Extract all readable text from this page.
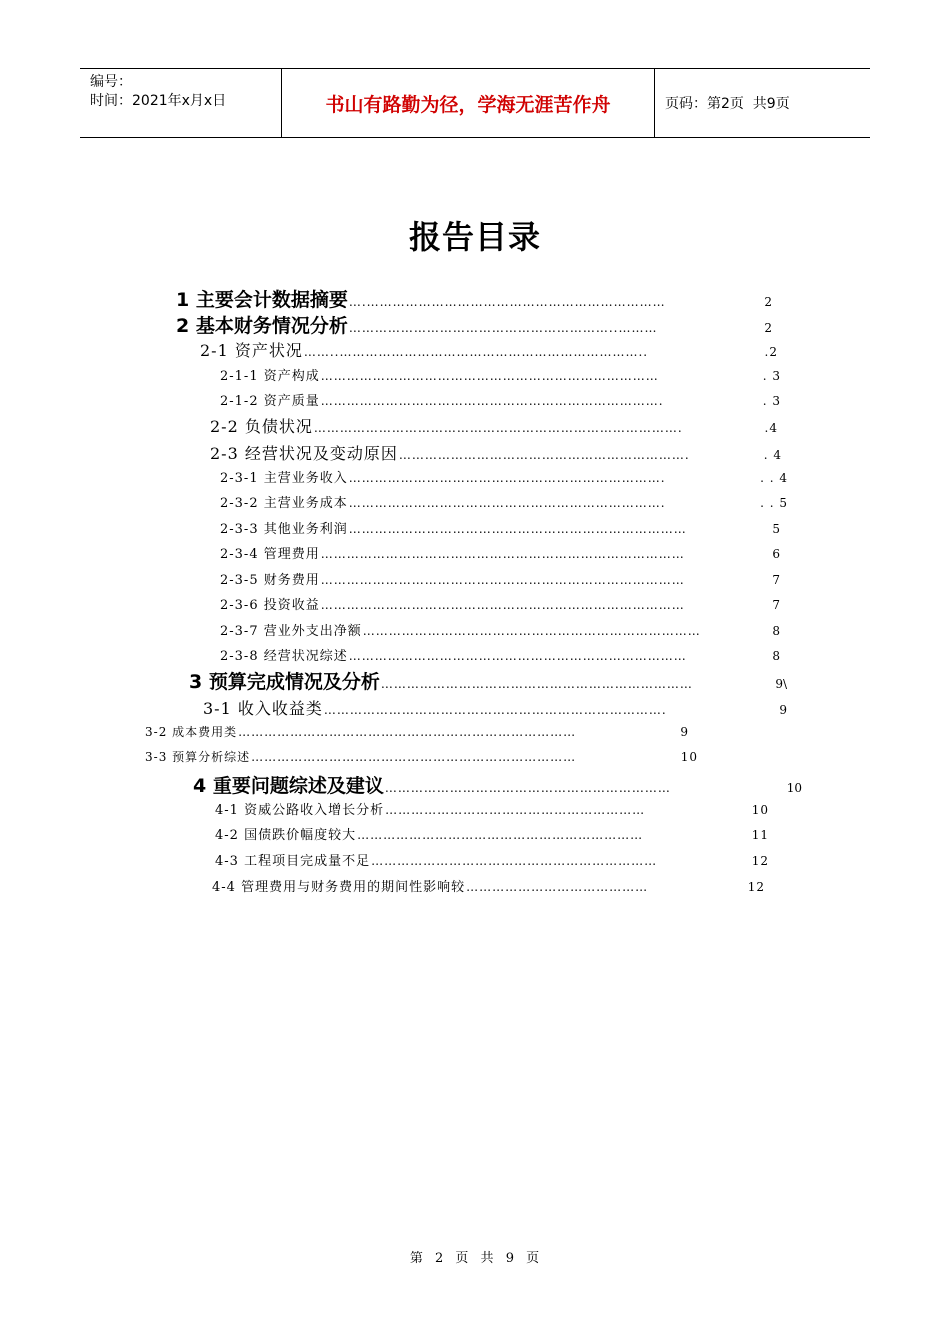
编号：
时间：2021年x月x日	书山有路勤为径，学海无涯苦作舟	页码：第2页  共9页
报告目录
1 主要会计数据摘要 ….……………………………………………………………	2
2 基本财务情况分析 ……………………………………………………..………	2
2-1 资产状况 ……..……………………………………………………………..	.2
2-1-1 资产构成 ……………………………………………………………………	. 3
2-1-2 资产质量 …………………………………………………………………….	. 3
2-2 负债状况 ………………………………………………………………………….	.4
2-3 经营状况及变动原因 ………………………………………………………….	. 4
2-3-1 主营业务收入 ……………………………………………………………….	. . 4
2-3-2 主营业务成本 ……………………………………………………………….	. . 5
2-3-3 其他业务利润 ……………………………………………………………………	5
2-3-4 管理费用 …………………………………………………………………………	6
2-3-5 财务费用 …………………………………………………………………………	7
2-3-6 投资收益 …………………………………………………………………………	7
2-3-7 营业外支出净额 ……………………………………………………………………	8
2-3-8 经营状况综述 ……………………………………………………………………	8
3 预算完成情况及分析 ………………………………………………………………	9\
3-1 收入收益类 …………………………………………………………………….	9
3-2 成本费用类 ……………………………………………………………………	9
3-3 预算分析综述 …………………………………………………………………	10
4 重要问题综述及建议 …………………………………………………………	10
4-1 资威公路收入增长分析 ……………………………………………………	10
4-2 国债跌价幅度较大 …………………………………………………………	11
4-3 工程项目完成量不足 …………………………………………………………	12
4-4 管理费用与财务费用的期间性影响较 ……………………………………	12
第 2 页 共 9 页
